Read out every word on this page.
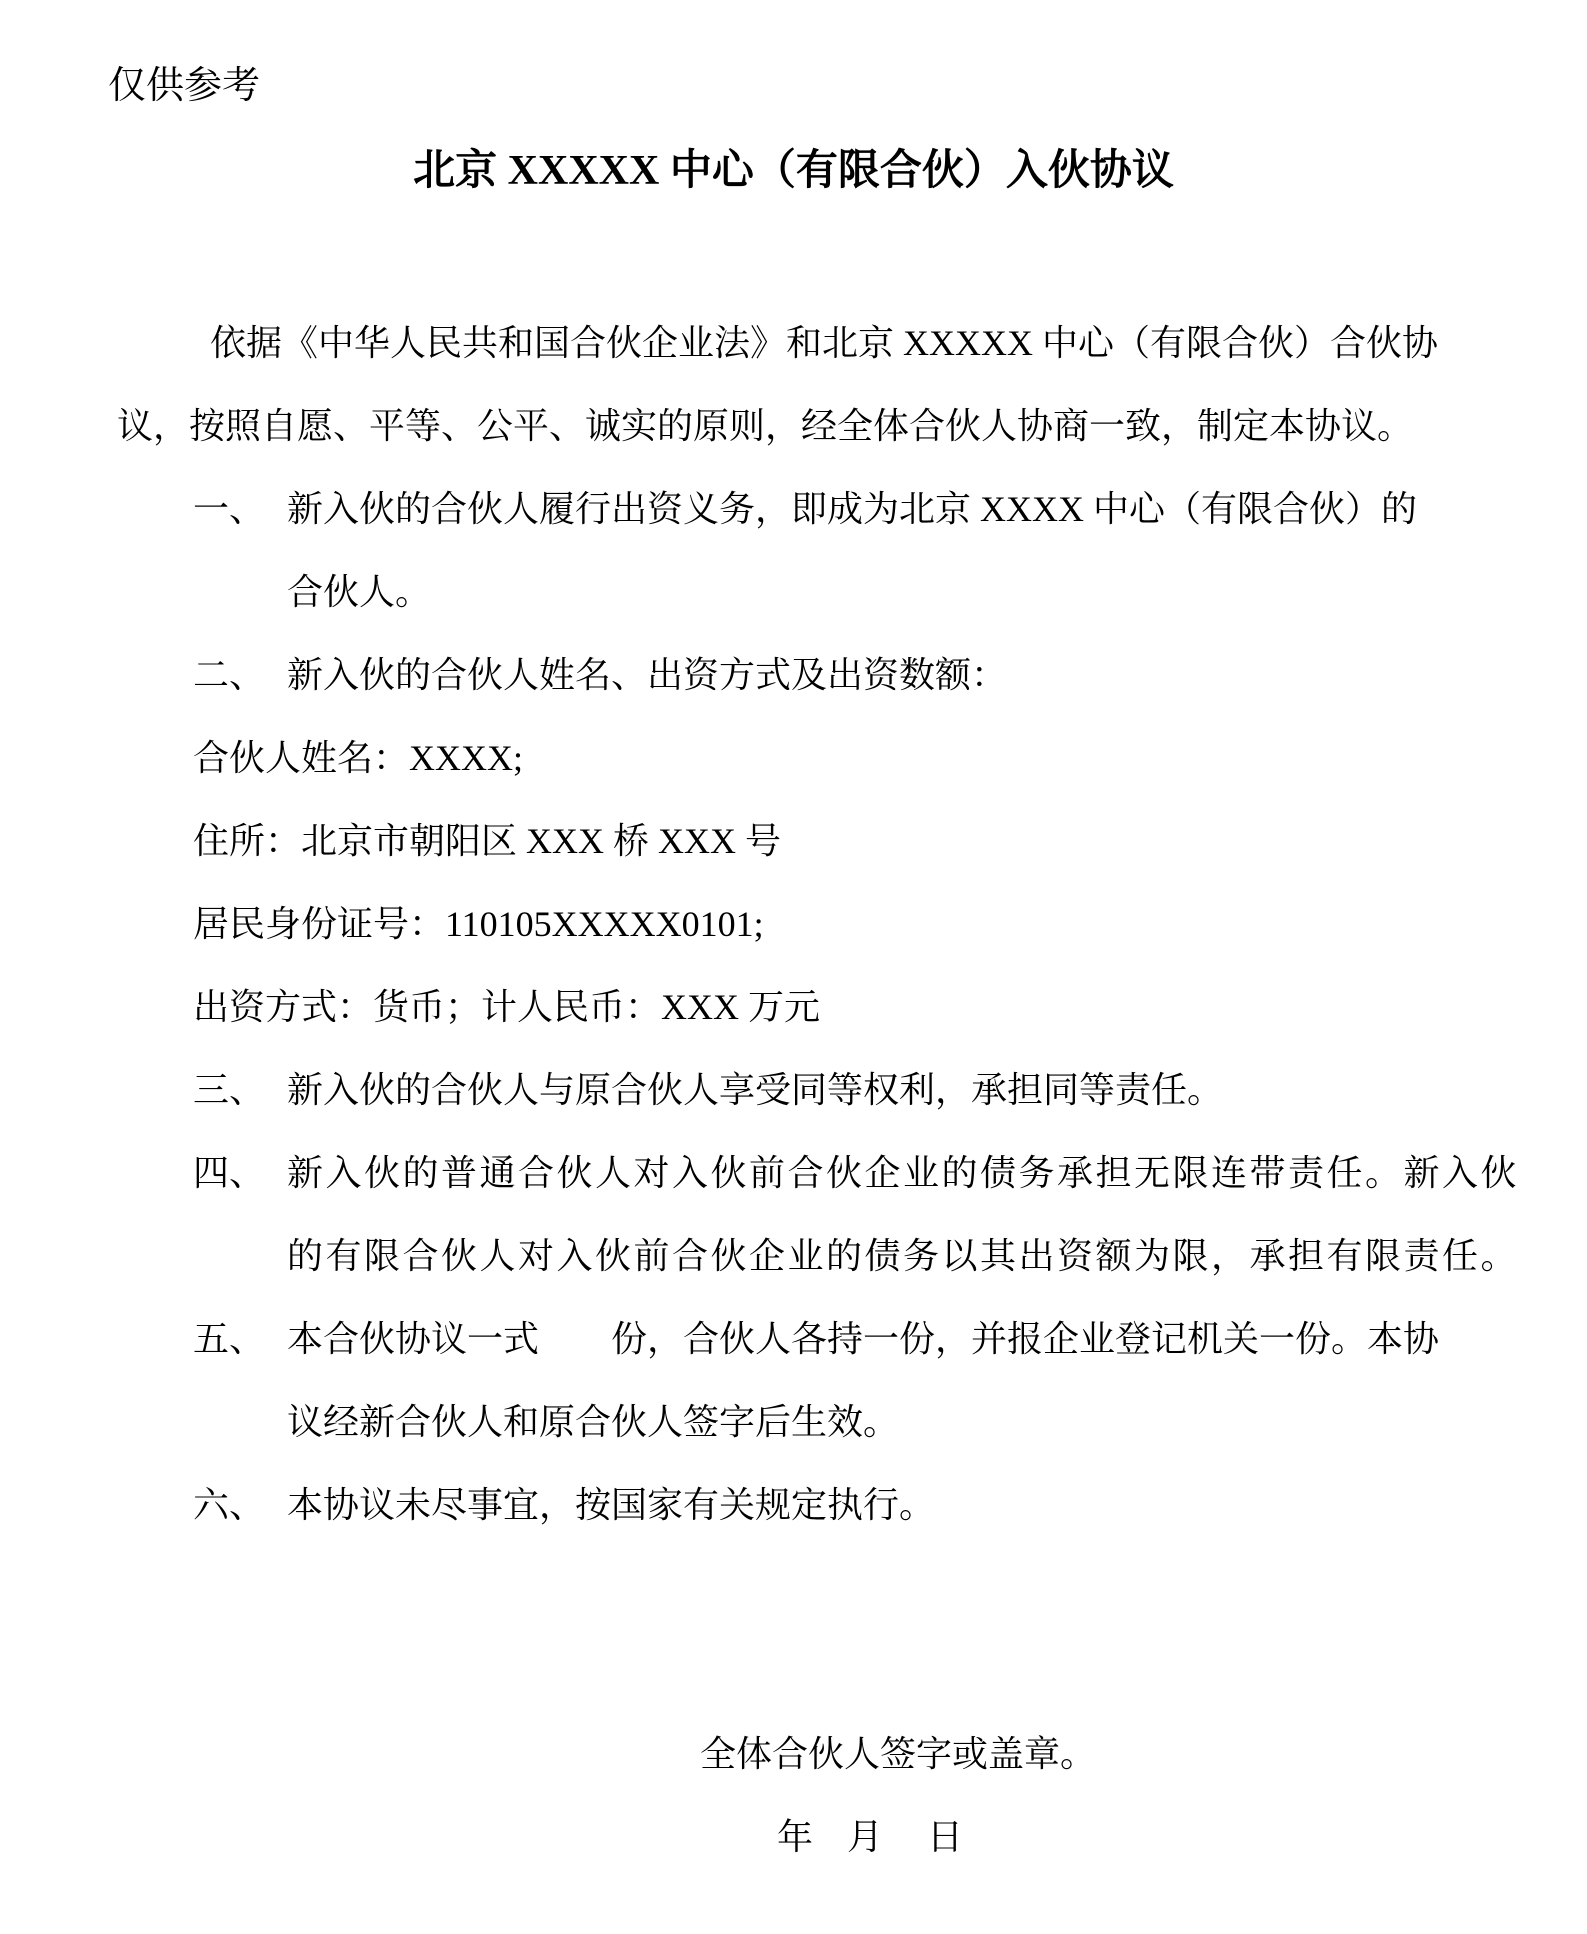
仅供参考
北京 XXXXX 中心（有限合伙）入伙协议
依据《中华人民共和国合伙企业法》和北京 XXXXX 中心（有限合伙）合伙协
议，按照自愿、平等、公平、诚实的原则，经全体合伙人协商一致，制定本协议。
一、 新入伙的合伙人履行出资义务，即成为北京 XXXX 中心（有限合伙）的
合伙人。
二、 新入伙的合伙人姓名、出资方式及出资数额：
合伙人姓名：XXXX;
住所：北京市朝阳区 XXX 桥 XXX 号
居民身份证号：110105XXXXX0101;
出资方式：货币；计人民币：XXX 万元
三、 新入伙的合伙人与原合伙人享受同等权利，承担同等责任。
四、 新入伙的普通合伙人对入伙前合伙企业的债务承担无限连带责任。新入伙
的有限合伙人对入伙前合伙企业的债务以其出资额为限，承担有限责任。
五、 本合伙协议一式　　份，合伙人各持一份，并报企业登记机关一份。本协
议经新合伙人和原合伙人签字后生效。
六、 本协议未尽事宜，按国家有关规定执行。
全体合伙人签字或盖章。
年 月 日
